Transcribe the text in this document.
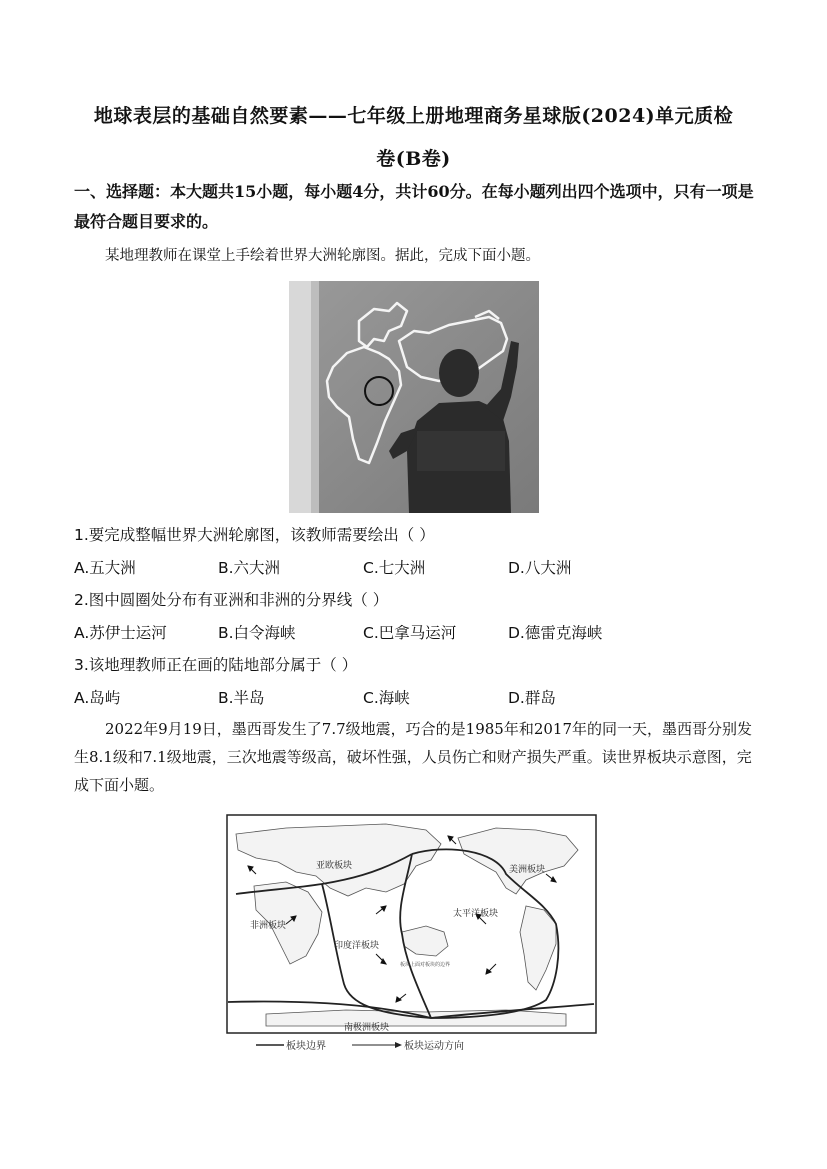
地球表层的基础自然要素——七年级上册地理商务星球版(2024)单元质检
卷(B卷)
一、选择题：本大题共15小题，每小题4分，共计60分。在每小题列出四个选项中，只有一项是最符合题目要求的。
某地理教师在课堂上手绘着世界大洲轮廓图。据此，完成下面小题。
1.要完成整幅世界大洲轮廓图，该教师需要绘出（ ）
A.五大洲	B.六大洲	C.七大洲	D.八大洲
2.图中圆圈处分布有亚洲和非洲的分界线（ ）
A.苏伊士运河	B.白令海峡	C.巴拿马运河	D.德雷克海峡
3.该地理教师正在画的陆地部分属于（ ）
A.岛屿	B.半岛	C.海峡	D.群岛
2022年9月19日，墨西哥发生了7.7级地震，巧合的是1985年和2017年的同一天，墨西哥分别发生8.1级和7.1级地震，三次地震等级高，破坏性强，人员伤亡和财产损失严重。读世界板块示意图，完成下面小题。
亚欧板块	美洲板块
太平洋板块
非洲板块
印度洋板块
板块上面对板块的边界
南极洲板块
板块边界	板块运动方向
